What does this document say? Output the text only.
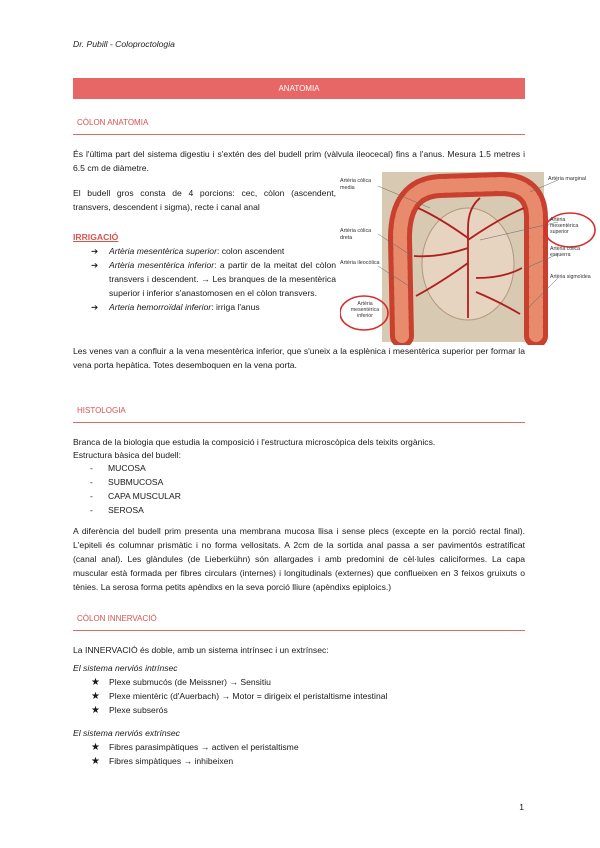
Dr. Pubill - Coloproctologia
ANATOMIA
CÒLON ANATOMIA

És l'última part del sistema digestiu i s'extén des del budell prim (vàlvula ileocecal) fins a l'anus. Mesura 1.5 metres i 6.5 cm de diàmetre.

El budell gros consta de 4 porcions: cec, còlon (ascendent, transvers, descendent i sigma), recte i canal anal

IRRIGACIÓ
➔ Artèria mesentèrica superior: colon ascendent
➔ Artèria mesentèrica inferior: a partir de la meitat del còlon transvers i descendent. → Les branques de la mesentèrica superior i inferior s'anastomosen en el còlon transvers.
➔ Arteria hemorroïdal inferior: irriga l'anus

Les venes van a confluir a la vena mesentèrica inferior, que s'uneix a la esplènica i mesentèrica superior per formar la vena porta hepàtica. Totes desemboquen en la vena porta.

Artèria còlica media
Artèria còlica dreta
Artèria ileocòlica
Artèria mesentèrica inferior
Artèria marginal
Artèria mesentèrica superior
Artèria còlica esquerra
Artèria sigmoïdea
HISTOLOGIA

Branca de la biologia que estudia la composició i l'estructura microscòpica dels teixits orgànics.

Estructura bàsica del budell:

- MUCOSA
- SUBMUCOSA
- CAPA MUSCULAR
- SEROSA

A diferència del budell prim presenta una membrana mucosa llisa i sense plecs (excepte en la porció rectal final). L'epiteli és columnar prismàtic i no forma vellositats. A 2cm de la sortida anal passa a ser pavimentós estratificat (canal anal). Les glàndules (de Lieberkühn) són allargades i amb predomini de cèl·lules caliciformes. La capa muscular està formada per fibres circulars (internes) i longitudinals (externes) que conflueixen en 3 feixos gruixuts o tènies. La serosa forma petits apèndixs en la seva porció lliure (apèndixs epiploics.)

CÒLON INNERVACIÓ

La INNERVACIÓ és doble, amb un sistema intrínsec i un extrínsec:

El sistema nerviós intrínsec
★ Plexe submucós (de Meissner) → Sensitiu
★ Plexe mientèric (d'Auerbach) → Motor = dirigeix el peristaltisme intestinal
★ Plexe subserós
El sistema nerviós extrínsec
★ Fibres parasimpàtiques → activen el peristaltisme
★ Fibres simpàtiques → inhibeixen
1
